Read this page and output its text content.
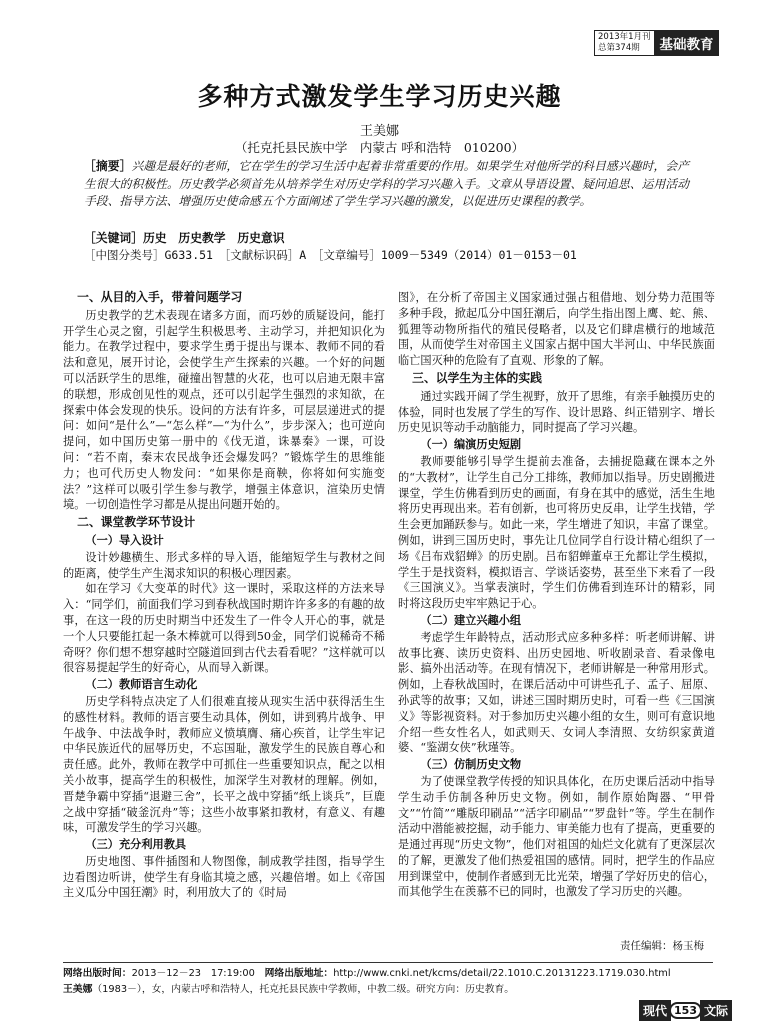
2013年1月刊
总第374期	基础教育
多种方式激发学生学习历史兴趣
王美娜
（托克托县民族中学　内蒙古 呼和浩特　010200）
［摘要］兴趣是最好的老师，它在学生的学习生活中起着非常重要的作用。如果学生对他所学的科目感兴趣时，会产生很大的积极性。历史教学必须首先从培养学生对历史学科的学习兴趣入手。文章从导语设置、疑问追思、运用活动手段、指导方法、增强历史使命感五个方面阐述了学生学习兴趣的激发，以促进历史课程的教学。
［关键词］历史　历史教学　历史意识
［中图分类号］G633.51　［文献标识码］A　［文章编号］1009－5349（2014）01－0153－01
一、从目的入手，带着问题学习

历史教学的艺术表现在诸多方面，而巧妙的质疑设问，能打开学生心灵之窗，引起学生积极思考、主动学习，并把知识化为能力。在教学过程中，要求学生勇于提出与课本、教师不同的看法和意见，展开讨论，会使学生产生探索的兴趣。一个好的问题可以活跃学生的思维，碰撞出智慧的火花，也可以启迪无限丰富的联想，形成创见性的观点，还可以引起学生强烈的求知欲，在探索中体会发现的快乐。设问的方法有许多，可层层递进式的提问：如问“是什么”—“怎么样”—“为什么”，步步深入；也可逆向提问，如中国历史第一册中的《伐无道，诛暴秦》一课，可设问：“若不南，秦末农民战争还会爆发吗？”锻炼学生的思维能力；也可代历史人物发问：“如果你是商鞅，你将如何实施变法？”这样可以吸引学生参与教学，增强主体意识，渲染历史情境。一切创造性学习都是从提出问题开始的。

二、课堂教学环节设计
（一）导入设计

设计妙趣横生、形式多样的导入语，能缩短学生与教材之间的距离，使学生产生渴求知识的积极心理因素。

如在学习《大变革的时代》这一课时，采取这样的方法来导入：“同学们，前面我们学习到春秋战国时期许许多多的有趣的故事，在这一段的历史时期当中还发生了一件令人开心的事，就是一个人只要能扛起一条木棒就可以得到50金，同学们说稀奇不稀奇呀？你们想不想穿越时空隧道回到古代去看看呢？”这样就可以很容易提起学生的好奇心，从而导入新课。

（二）教师语言生动化

历史学科特点决定了人们很难直接从现实生活中获得活生生的感性材料。教师的语言要生动具体，例如，讲到鸦片战争、甲午战争、中法战争时，教师应义愤填膺、痛心疾首，让学生牢记中华民族近代的屈辱历史，不忘国耻，激发学生的民族自尊心和责任感。此外，教师在教学中可抓住一些重要知识点，配之以相关小故事，提高学生的积极性，加深学生对教材的理解。例如，晋楚争霸中穿插“退避三舍”，长平之战中穿插“纸上谈兵”，巨鹿之战中穿插“破釜沉舟”等；这些小故事紧扣教材，有意义、有趣味，可激发学生的学习兴趣。

（三）充分利用教具

历史地图、事件插图和人物图像，制成教学挂图，指导学生边看图边听讲，使学生有身临其境之感，兴趣倍增。如上《帝国主义瓜分中国狂潮》时，利用放大了的《时局

图》，在分析了帝国主义国家通过强占租借地、划分势力范围等多种手段，掀起瓜分中国狂潮后，向学生指出图上鹰、蛇、熊、狐狸等动物所指代的殖民侵略者，以及它们肆虐横行的地域范围，从而使学生对帝国主义国家占据中国大半河山、中华民族面临亡国灭种的危险有了直观、形象的了解。

三、以学生为主体的实践

通过实践开阔了学生视野，放开了思维，有亲手触摸历史的体验，同时也发展了学生的写作、设计思路、纠正错别字、增长历史见识等动手动脑能力，同时提高了学习兴趣。

（一）编演历史短剧

教师要能够引导学生提前去准备，去捕捉隐藏在课本之外的“大教材”，让学生自己分工排练，教师加以指导。历史剧搬进课堂，学生仿佛看到历史的画面，有身在其中的感觉，活生生地将历史再现出来。若有创新，也可将历史反串，让学生找错，学生会更加踊跃参与。如此一来，学生增进了知识，丰富了课堂。例如，讲到三国历史时，事先让几位同学自行设计精心组织了一场《吕布戏貂蝉》的历史剧。吕布貂蝉董卓王允都让学生模拟，学生于是找资料，模拟语言、学谈话姿势，甚至坐下来看了一段《三国演义》。当掌表演时，学生们仿佛看到连环计的精彩，同时将这段历史牢牢熟记于心。

（二）建立兴趣小组

考虑学生年龄特点，活动形式应多种多样：听老师讲解、讲故事比赛、读历史资料、出历史园地、听收剧录音、看录像电影、搞外出活动等。在现有情况下，老师讲解是一种常用形式。例如，上春秋战国时，在课后活动中可讲些孔子、孟子、屈原、孙武等的故事；又如，讲述三国时期历史时，可看一些《三国演义》等影视资料。对于参加历史兴趣小组的女生，则可有意识地介绍一些女性名人，如武则天、女词人李清照、女纺织家黄道婆、“鉴湖女侠”秋瑾等。

（三）仿制历史文物

为了使课堂教学传授的知识具体化，在历史课后活动中指导学生动手仿制各种历史文物。例如，制作原始陶器、“甲骨文”“竹简”“雕版印刷品”“活字印刷品”“罗盘针”等。学生在制作活动中潜能被挖掘，动手能力、审美能力也有了提高，更重要的是通过再现“历史文物”，他们对祖国的灿烂文化就有了更深层次的了解，更激发了他们热爱祖国的感情。同时，把学生的作品应用到课堂中，使制作者感到无比光荣，增强了学好历史的信心，而其他学生在羡慕不已的同时，也激发了学习历史的兴趣。

责任编辑：杨玉梅
网络出版时间：2013－12－23　17:19:00　 网络出版地址：http://www.cnki.net/kcms/detail/22.1010.C.20131223.1719.030.html
王美娜（1983－），女，内蒙古呼和浩特人，托克托县民族中学教师，中教二级。研究方向：历史教育。
现代 153 文际
